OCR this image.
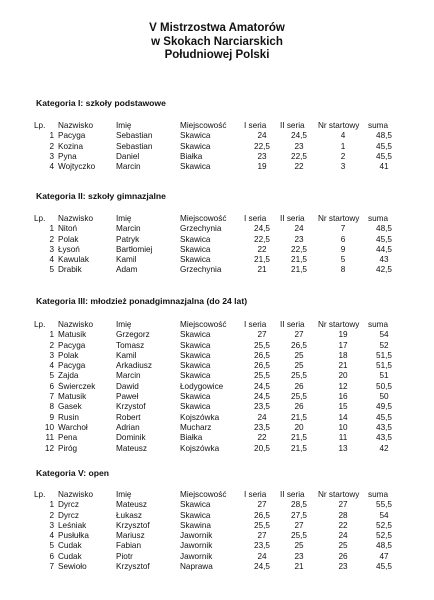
V Mistrzostwa Amatorów
w Skokach Narciarskich
Południowej Polski
Kategoria I: szkoły podstawowe
Lp.	Nazwisko	Imię	Miejscowość	I seria	II seria	Nr startowy	suma
1	Pacyga	Sebastian	Skawica	24	24,5	4	48,5
2	Kozina	Sebastian	Skawica	22,5	23	1	45,5
3	Pyna	Daniel	Białka	23	22,5	2	45,5
4	Wojtyczko	Marcin	Skawica	19	22	3	41
Kategoria II: szkoły gimnazjalne
Lp.	Nazwisko	Imię	Miejscowość	I seria	II seria	Nr startowy	suma
1	Nitoń	Marcin	Grzechynia	24,5	24	7	48,5
2	Polak	Patryk	Skawica	22,5	23	6	45,5
3	Łysoń	Bartłomiej	Skawica	22	22,5	9	44,5
4	Kawulak	Kamil	Skawica	21,5	21,5	5	43
5	Drabik	Adam	Grzechynia	21	21,5	8	42,5
Kategoria III: młodzież ponadgimnazjalna (do 24 lat)
Lp.	Nazwisko	Imię	Miejscowość	I seria	II seria	Nr startowy	suma
1	Matusik	Grzegorz	Skawica	27	27	19	54
2	Pacyga	Tomasz	Skawica	25,5	26,5	17	52
3	Polak	Kamil	Skawica	26,5	25	18	51,5
4	Pacyga	Arkadiusz	Skawica	26,5	25	21	51,5
5	Zajda	Marcin	Skawica	25,5	25,5	20	51
6	Świerczek	Dawid	Łodygowice	24,5	26	12	50,5
7	Matusik	Paweł	Skawica	24,5	25,5	16	50
8	Gasek	Krzystof	Skawica	23,5	26	15	49,5
9	Rusin	Robert	Kojszówka	24	21,5	14	45,5
10	Warchoł	Adrian	Mucharz	23,5	20	10	43,5
11	Pena	Dominik	Białka	22	21,5	11	43,5
12	Piróg	Mateusz	Kojszówka	20,5	21,5	13	42
Kategoria V: open
Lp.	Nazwisko	Imię	Miejscowość	I seria	II seria	Nr startowy	suma
1	Dyrcz	Mateusz	Skawica	27	28,5	27	55,5
2	Dyrcz	Łukasz	Skawica	26,5	27,5	28	54
3	Leśniak	Krzysztof	Skawina	25,5	27	22	52,5
4	Pusłułka	Mariusz	Jawornik	27	25,5	24	52,5
5	Cudak	Fabian	Jawornik	23,5	25	25	48,5
6	Cudak	Piotr	Jawornik	24	23	26	47
7	Sewioło	Krzysztof	Naprawa	24,5	21	23	45,5
